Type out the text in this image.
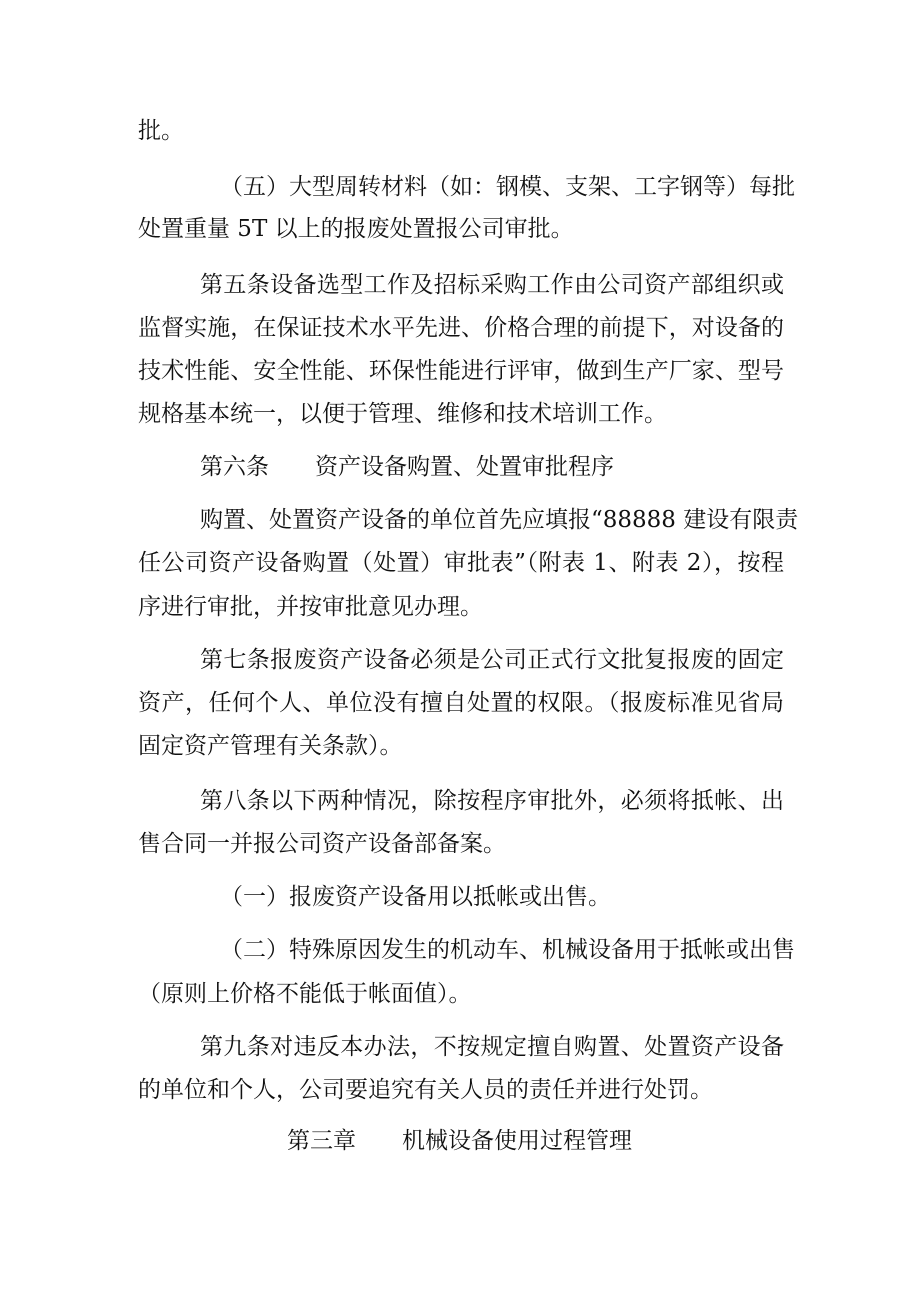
批。
（五）大型周转材料（如：钢模、支架、工字钢等）每批
处置重量 5T 以上的报废处置报公司审批。
第五条设备选型工作及招标采购工作由公司资产部组织或
监督实施，在保证技术水平先进、价格合理的前提下，对设备的
技术性能、安全性能、环保性能进行评审，做到生产厂家、型号
规格基本统一，以便于管理、维修和技术培训工作。
第六条　　资产设备购置、处置审批程序
购置、处置资产设备的单位首先应填报“88888 建设有限责
任公司资产设备购置（处置）审批表”（附表 1、附表 2），按程
序进行审批，并按审批意见办理。
第七条报废资产设备必须是公司正式行文批复报废的固定
资产，任何个人、单位没有擅自处置的权限。（报废标准见省局
固定资产管理有关条款）。
第八条以下两种情况，除按程序审批外，必须将抵帐、出
售合同一并报公司资产设备部备案。
（一）报废资产设备用以抵帐或出售。
（二）特殊原因发生的机动车、机械设备用于抵帐或出售
（原则上价格不能低于帐面值）。
第九条对违反本办法，不按规定擅自购置、处置资产设备
的单位和个人，公司要追究有关人员的责任并进行处罚。
第三章　　机械设备使用过程管理
